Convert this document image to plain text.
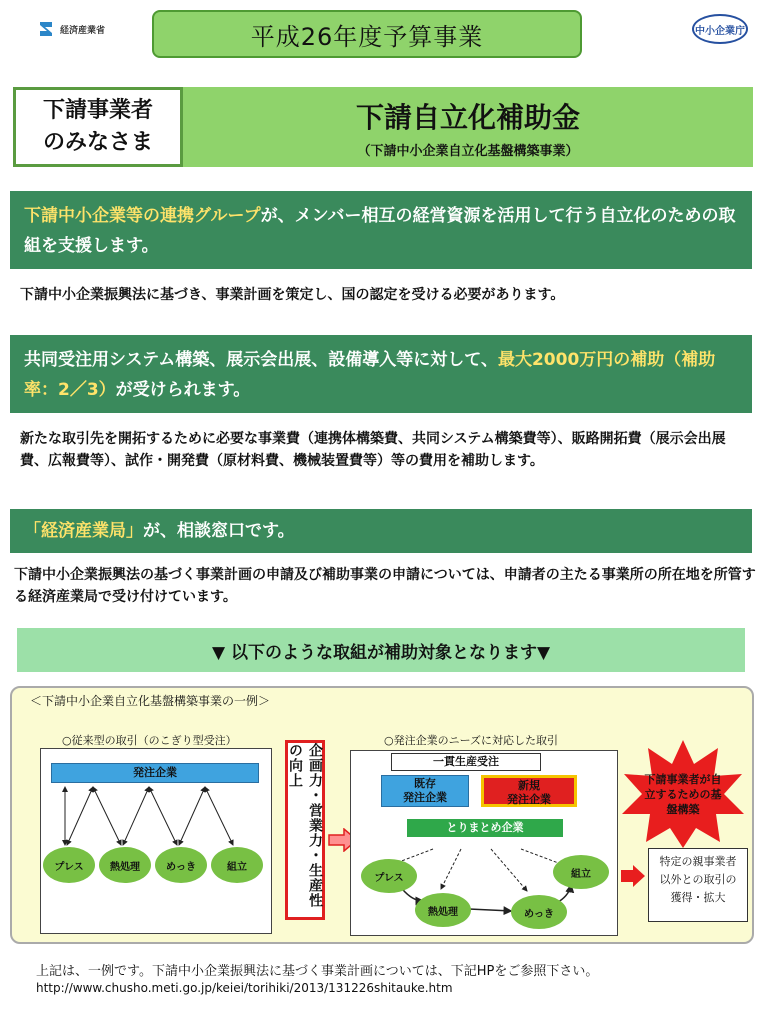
経済産業省	平成26年度予算事業	中小企業庁
下請事業者
のみなさま
下請自立化補助金
（下請中小企業自立化基盤構築事業）
下請中小企業等の連携グループが、メンバー相互の経営資源を活用して行う自立化のための取組を支援します。
下請中小企業振興法に基づき、事業計画を策定し、国の認定を受ける必要があります。
共同受注用システム構築、展示会出展、設備導入等に対して、最大2000万円の補助（補助率：2／3）が受けられます。
新たな取引先を開拓するために必要な事業費（連携体構築費、共同システム構築費等）、販路開拓費（展示会出展費、広報費等）、試作・開発費（原材料費、機械装置費等）等の費用を補助します。
「経済産業局」が、相談窓口です。
下請中小企業振興法の基づく事業計画の申請及び補助事業の申請については、申請者の主たる事業所の所在地を所管する経済産業局で受け付けています。
▼ 以下のような取組が補助対象となります▼
＜下請中小企業自立化基盤構築事業の一例＞
○従来型の取引（のこぎり型受注）
発注企業
プレス	熱処理	めっき	組立	企画力・営業力・生産性の向上
○発注企業のニーズに対応した取引
一貫生産受注
既存
発注企業
新規
発注企業
とりまとめ企業
プレス
熱処理	めっき
組立
下請事業者が自立するための基盤構築
特定の親事業者以外との取引の獲得・拡大
上記は、一例です。下請中小企業振興法に基づく事業計画については、下記HPをご参照下さい。
http://www.chusho.meti.go.jp/keiei/torihiki/2013/131226shitauke.htm
